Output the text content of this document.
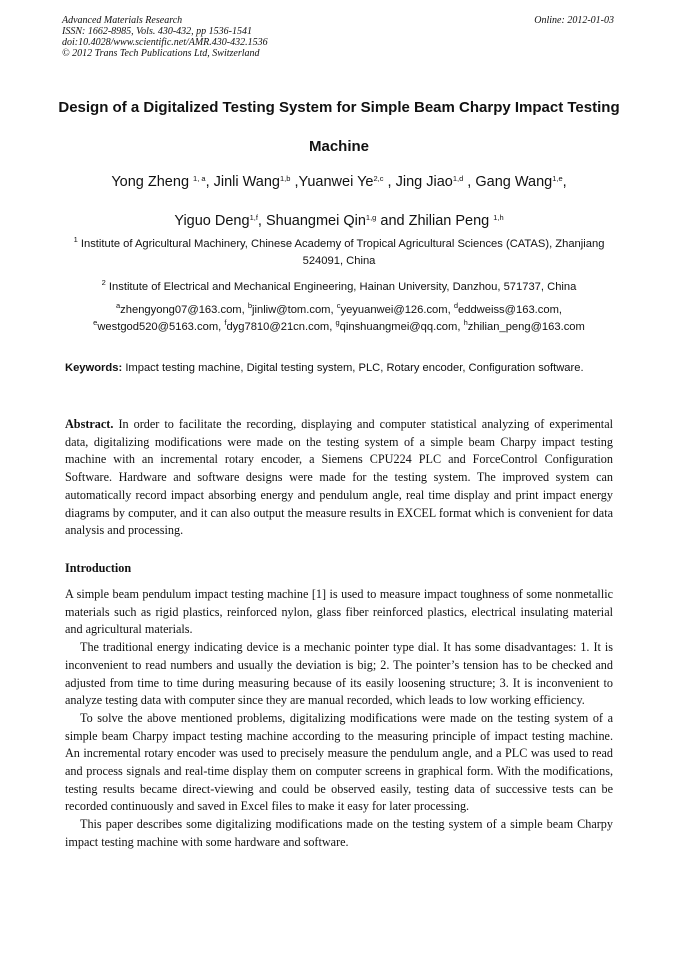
Advanced Materials Research
ISSN: 1662-8985, Vols. 430-432, pp 1536-1541
doi:10.4028/www.scientific.net/AMR.430-432.1536
© 2012 Trans Tech Publications Ltd, Switzerland
Online: 2012-01-03
Design of a Digitalized Testing System for Simple Beam Charpy Impact Testing Machine
Yong Zheng $^{1, a}$, Jinli Wang$^{1,b}$ ,Yuanwei Ye$^{2,c}$ , Jing Jiao$^{1,d}$ , Gang Wang$^{1,e}$,
Yiguo Deng$^{1,f}$, Shuangmei Qin$^{1,g}$ and Zhilian Peng $^{1,h}$
$^1$ Institute of Agricultural Machinery, Chinese Academy of Tropical Agricultural Sciences (CATAS), Zhanjiang 524091, China
$^2$ Institute of Electrical and Mechanical Engineering, Hainan University, Danzhou, 571737, China
$^a$zhengyong07@163.com, $^b$jinliw@tom.com, $^c$yeyuanwei@126.com, $^d$eddweiss@163.com,
$^e$westgod520@5163.com, $^f$dyg7810@21cn.com, $^g$qinshuangmei@qq.com, $^h$zhilian_peng@163.com
Keywords: Impact testing machine, Digital testing system, PLC, Rotary encoder, Configuration software.
Abstract. In order to facilitate the recording, displaying and computer statistical analyzing of experimental data, digitalizing modifications were made on the testing system of a simple beam Charpy impact testing machine with an incremental rotary encoder, a Siemens CPU224 PLC and ForceControl Configuration Software. Hardware and software designs were made for the testing system. The improved system can automatically record impact absorbing energy and pendulum angle, real time display and print impact energy diagrams by computer, and it can also output the measure results in EXCEL format which is convenient for data analysis and processing.
Introduction

A simple beam pendulum impact testing machine [1] is used to measure impact toughness of some nonmetallic materials such as rigid plastics, reinforced nylon, glass fiber reinforced plastics, electrical insulating material and agricultural materials.

The traditional energy indicating device is a mechanic pointer type dial. It has some disadvantages: 1. It is inconvenient to read numbers and usually the deviation is big; 2. The pointer’s tension has to be checked and adjusted from time to time during measuring because of its easily loosening structure; 3. It is inconvenient to analyze testing data with computer since they are manual recorded, which leads to low working efficiency.

To solve the above mentioned problems, digitalizing modifications were made on the testing system of a simple beam Charpy impact testing machine according to the measuring principle of impact testing machine. An incremental rotary encoder was used to precisely measure the pendulum angle, and a PLC was used to read and process signals and real-time display them on computer screens in graphical form. With the modifications, testing results became direct-viewing and could be observed easily, testing data of successive tests can be recorded continuously and saved in Excel files to make it easy for later processing.

This paper describes some digitalizing modifications made on the testing system of a simple beam Charpy impact testing machine with some hardware and software.
